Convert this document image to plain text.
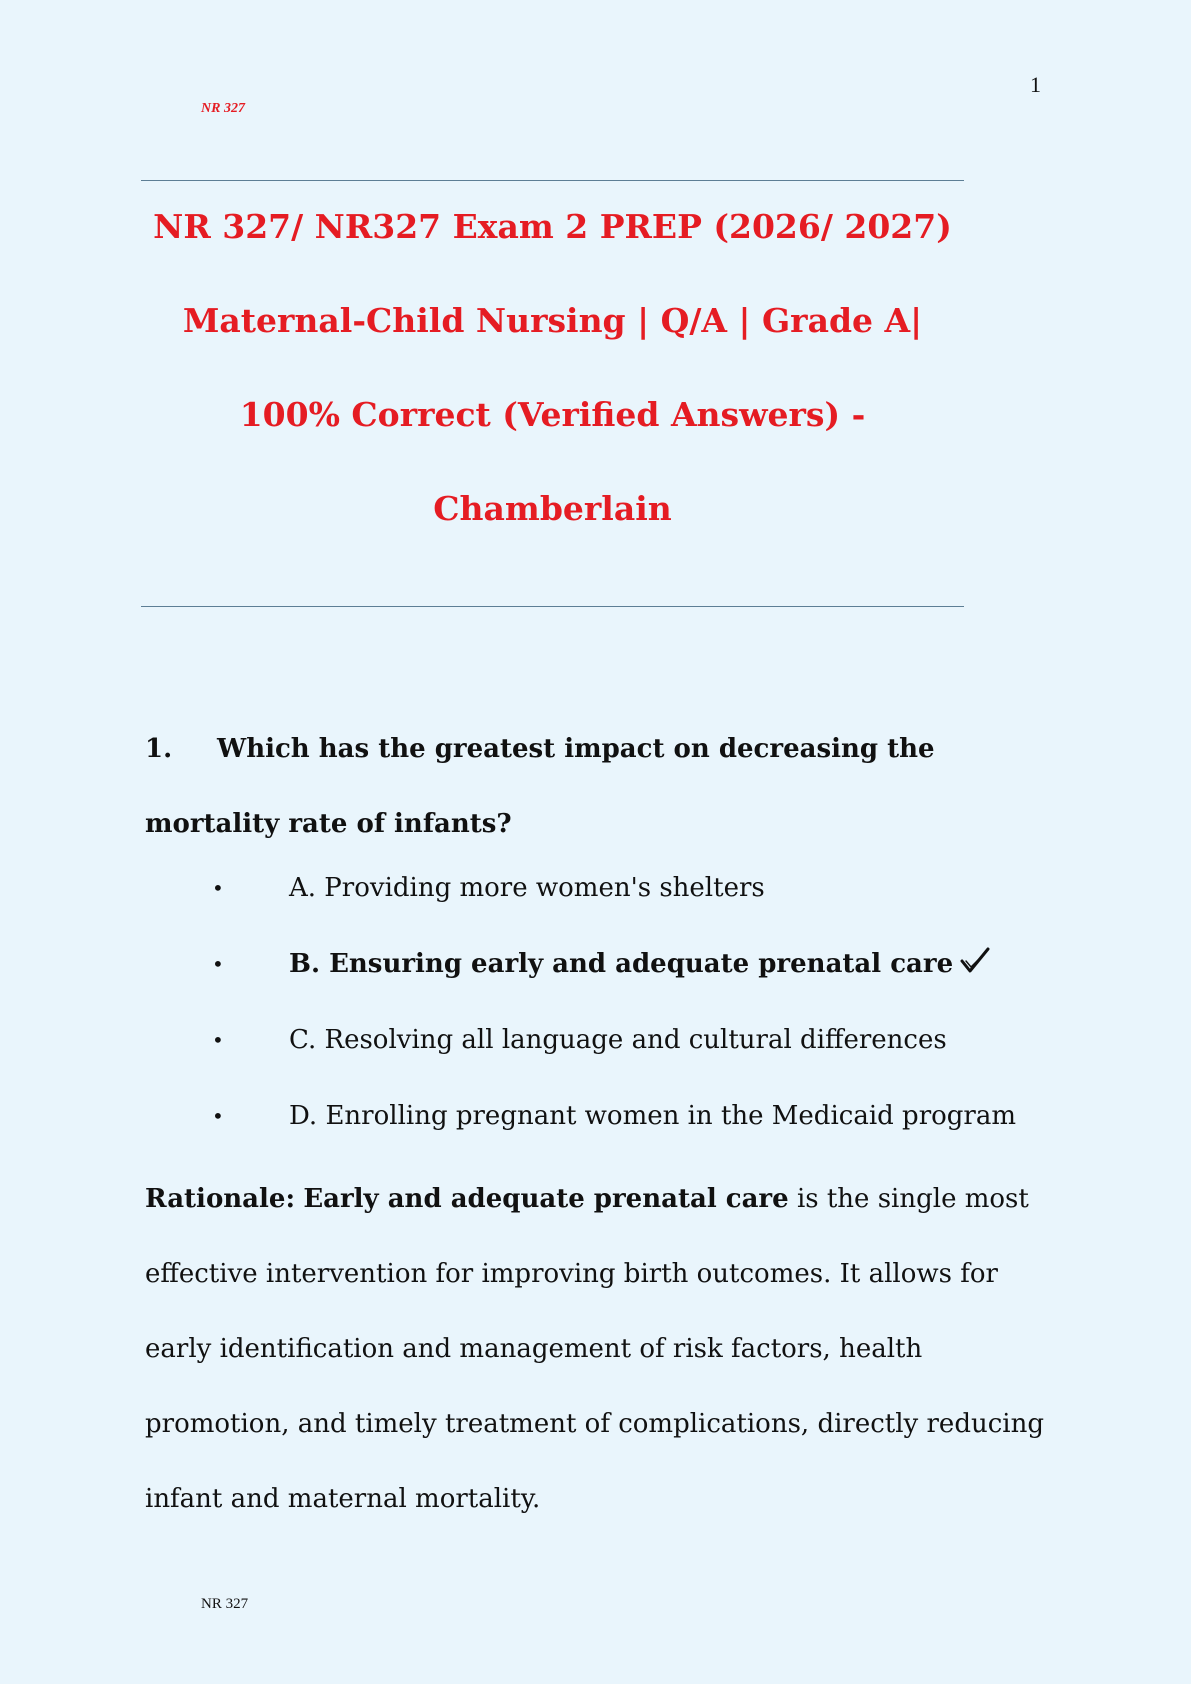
1
NR 327
NR 327/ NR327 Exam 2 PREP (2026/ 2027)
Maternal-Child Nursing | Q/A | Grade A|
100% Correct (Verified Answers) -
Chamberlain
1. Which has the greatest impact on decreasing the mortality rate of infants?
•	A. Providing more women's shelters
•	B. Ensuring early and adequate prenatal care
•	C. Resolving all language and cultural differences
•	D. Enrolling pregnant women in the Medicaid program
Rationale: Early and adequate prenatal care is the single most effective intervention for improving birth outcomes. It allows for early identification and management of risk factors, health promotion, and timely treatment of complications, directly reducing infant and maternal mortality.
NR 327
